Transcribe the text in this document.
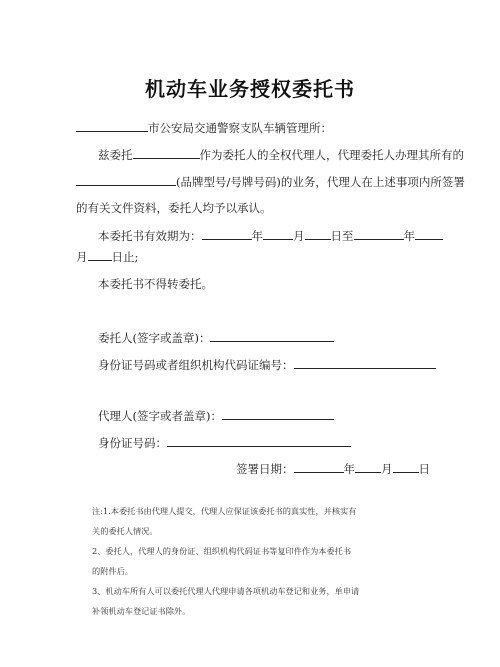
机动车业务授权委托书
市公安局交通警察支队车辆管理所：
兹委托	作为委托人的全权代理人，代理委托人办理其所有的
(品牌型号/号牌号码)的业务，代理人在上述事项内所签署
的有关文件资料，委托人均予以承认。
本委托书有效期为：	年	月 日至	年
月 日止;
本委托书不得转委托。
委托人(签字或盖章)：
身份证号码或者组织机构代码证编号：
代理人(签字或者盖章)：
身份证号码：
签署日期：	年 月 日
注:1.本委托书由代理人提交，代理人应保证该委托书的真实性，并核实有
关的委托人情况。
2、委托人，代理人的身份证、组织机构代码证书等复印件作为本委托书
的附件后。
3、机动车所有人可以委托代理人代理申请各项机动车登记和业务，单申请
补领机动车登记证书除外。
